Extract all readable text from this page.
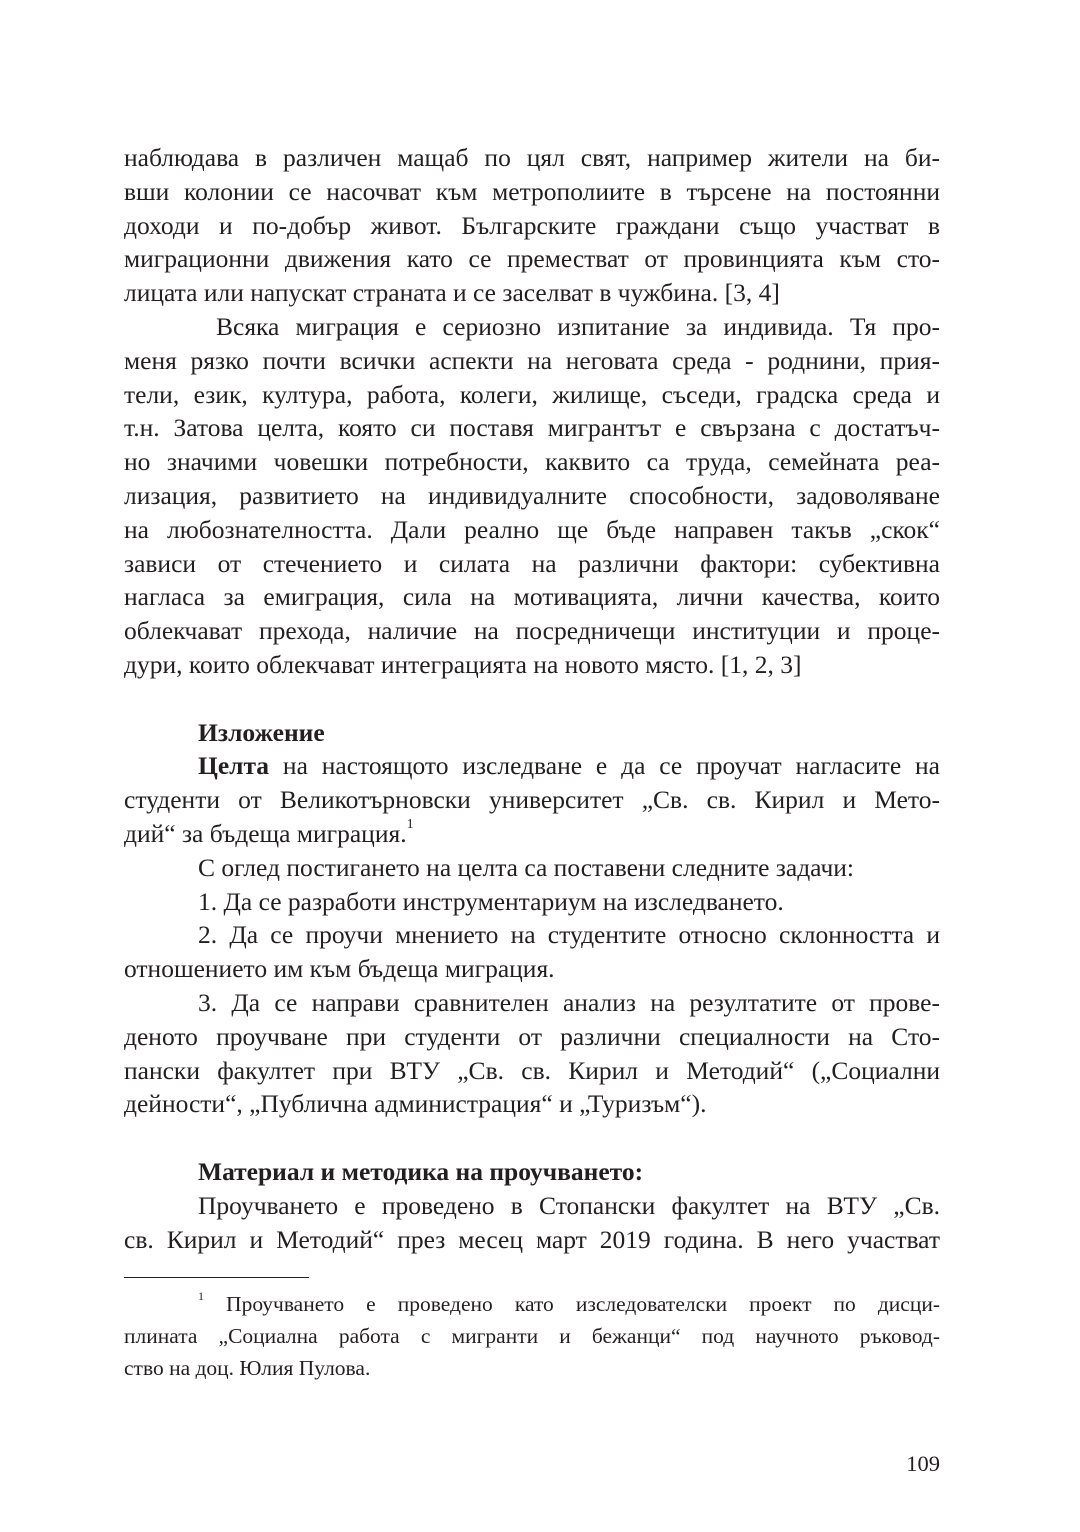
наблюдава в различен мащаб по цял свят, например жители на би-
вши колонии се насочват към метрополиите в търсене на постоянни
доходи и по-добър живот. Българските граждани също участват в
миграционни движения като се преместват от провинцията към сто-
лицата или напускат страната и се заселват в чужбина. [3, 4]
Всяка миграция е сериозно изпитание за индивида. Тя про-
меня рязко почти всички аспекти на неговата среда - роднини, прия-
тели, език, култура, работа, колеги, жилище, съседи, градска среда и
т.н. Затова целта, която си поставя мигрантът е свързана с достатъч-
но значими човешки потребности, каквито са труда, семейната реа-
лизация, развитието на индивидуалните способности, задоволяване
на любознателността. Дали реално ще бъде направен такъв „скок“
зависи от стечението и силата на различни фактори: субективна
нагласа за емиграция, сила на мотивацията, лични качества, които
облекчават прехода, наличие на посредничещи институции и проце-
дури, които облекчават интеграцията на новото място. [1, 2, 3]
Изложение
Целта на настоящото изследване е да се проучат нагласите на
студенти от Великотърновски университет „Св. св. Кирил и Мето-
дий“ за бъдеща миграция.$^1$
С оглед постигането на целта са поставени следните задачи:
1. Да се разработи инструментариум на изследването.
2. Да се проучи мнението на студентите относно склонността и
отношението им към бъдеща миграция.
3. Да се направи сравнителен анализ на резултатите от прове-
деното проучване при студенти от различни специалности на Сто-
пански факултет при ВТУ „Св. св. Кирил и Методий“ („Социални
дейности“, „Публична администрация“ и „Туризъм“).
Материал и методика на проучването:
Проучването е проведено в Стопански факултет на ВТУ „Св.
св. Кирил и Методий“ през месец март 2019 година. В него участват
$^1$ Проучването е проведено като изследователски проект по дисци-
плината „Социална работа с мигранти и бежанци“ под научното ръковод-
ство на доц. Юлия Пулова.
109
